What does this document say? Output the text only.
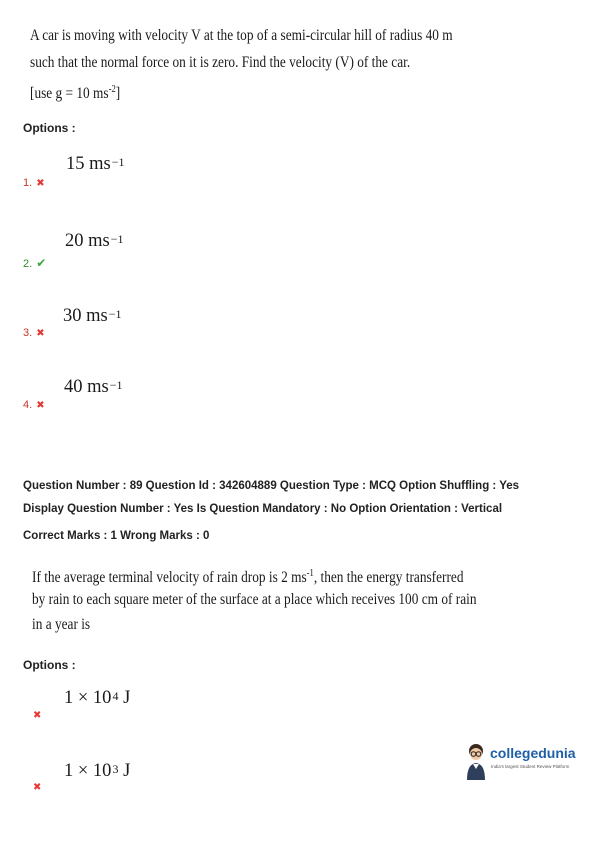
A car is moving with velocity V at the top of a semi-circular hill of radius 40 m
such that the normal force on it is zero. Find the velocity (V) of the car.
[use g = 10 $ms^{-2}$]
Options :
15 $ms^{-1}$
1. ✖
20 $ms^{-1}$
2. ✔
30 $ms^{-1}$
3. ✖
40 $ms^{-1}$
4. ✖
Question Number : 89 Question Id : 342604889 Question Type : MCQ Option Shuffling : Yes
Display Question Number : Yes Is Question Mandatory : No Option Orientation : Vertical
Correct Marks : 1 Wrong Marks : 0
If the average terminal velocity of rain drop is 2 $ms^{-1}$, then the energy transferred
by rain to each square meter of the surface at a place which receives 100 cm of rain
in a year is
Options :
$1 \times 10^4$ J
✖
$1 \times 10^3$ J
✖
collegedunia
India's largest Student Review Platform
